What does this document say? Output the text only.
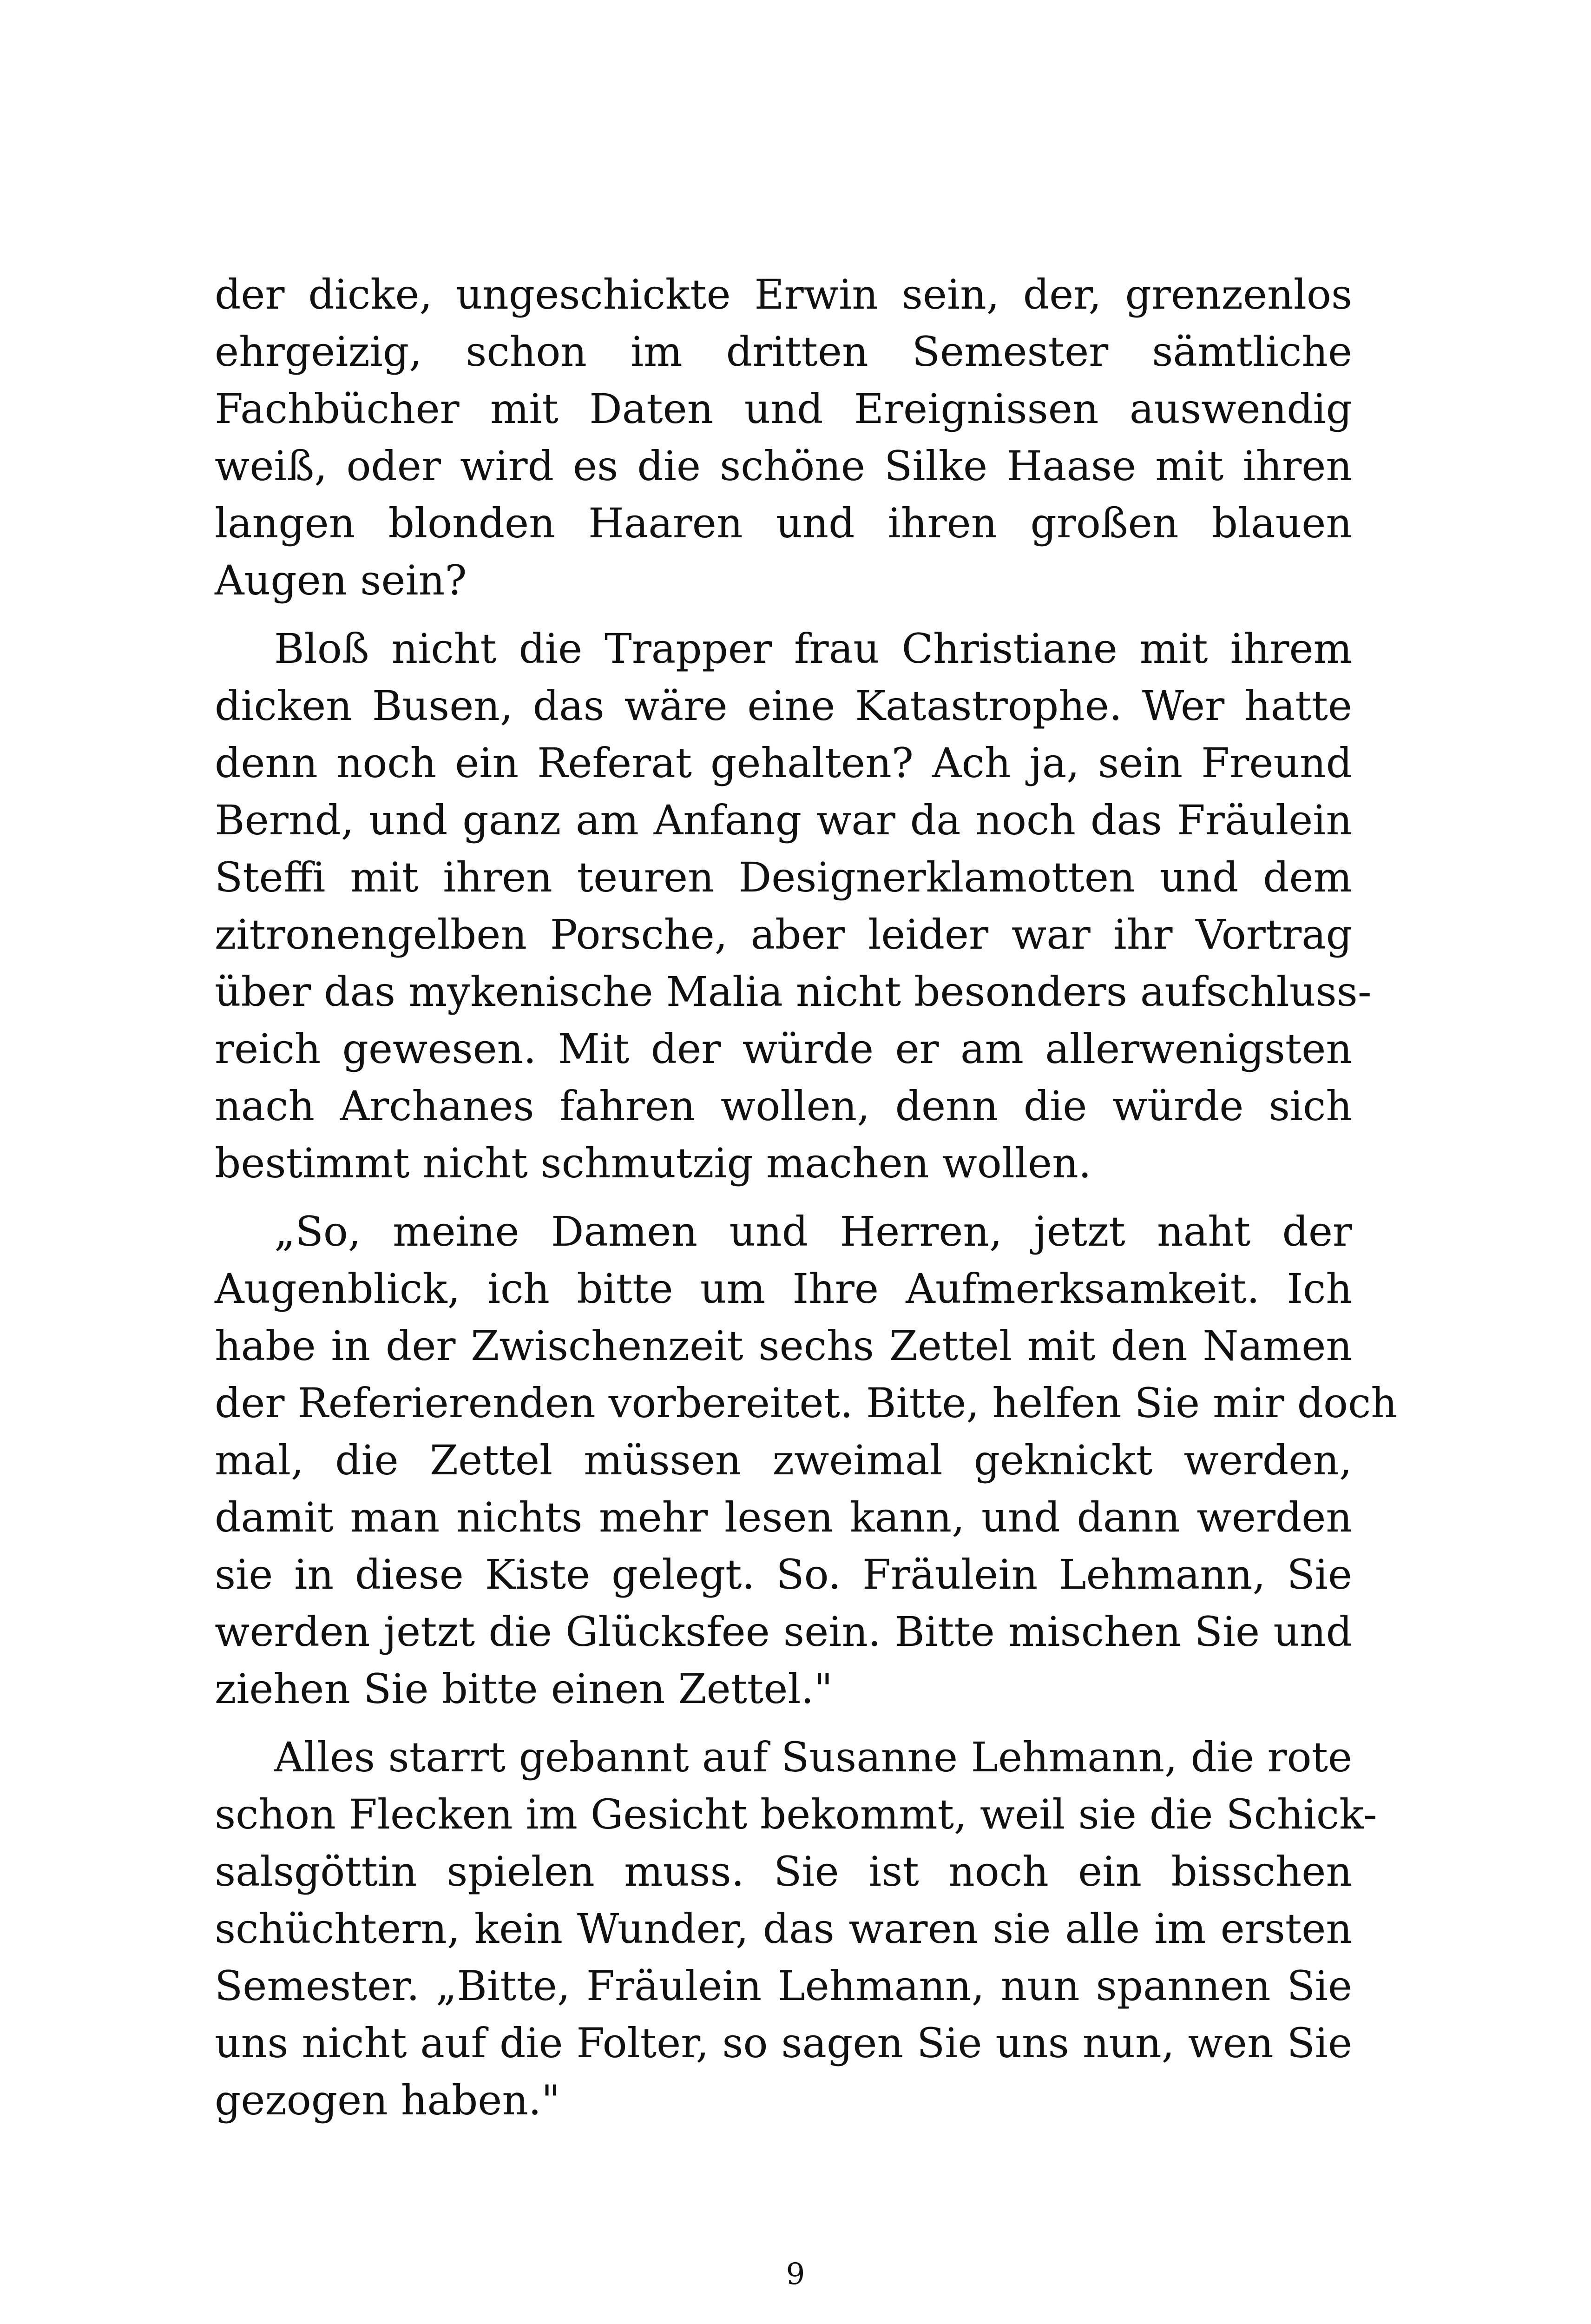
der dicke, ungeschickte Erwin sein, der, grenzenlos
ehrgeizig, schon im dritten Semester sämtliche
Fachbücher mit Daten und Ereignissen auswendig
weiß, oder wird es die schöne Silke Haase mit ihren
langen blonden Haaren und ihren großen blauen
Augen sein?

Bloß nicht die Trapper frau Christiane mit ihrem
dicken Busen, das wäre eine Katastrophe. Wer hatte
denn noch ein Referat gehalten? Ach ja, sein Freund
Bernd, und ganz am Anfang war da noch das Fräulein
Steffi mit ihren teuren Designerklamotten und dem
zitronengelben Porsche, aber leider war ihr Vortrag
über das mykenische Malia nicht besonders aufschluss-
reich gewesen. Mit der würde er am allerwenigsten
nach Archanes fahren wollen, denn die würde sich
bestimmt nicht schmutzig machen wollen.

„So, meine Damen und Herren, jetzt naht der
Augenblick, ich bitte um Ihre Aufmerksamkeit. Ich
habe in der Zwischenzeit sechs Zettel mit den Namen
der Referierenden vorbereitet. Bitte, helfen Sie mir doch
mal, die Zettel müssen zweimal geknickt werden,
damit man nichts mehr lesen kann, und dann werden
sie in diese Kiste gelegt. So. Fräulein Lehmann, Sie
werden jetzt die Glücksfee sein. Bitte mischen Sie und
ziehen Sie bitte einen Zettel."

Alles starrt gebannt auf Susanne Lehmann, die rote
schon Flecken im Gesicht bekommt, weil sie die Schick-
salsgöttin spielen muss. Sie ist noch ein bisschen
schüchtern, kein Wunder, das waren sie alle im ersten
Semester. „Bitte, Fräulein Lehmann, nun spannen Sie
uns nicht auf die Folter, so sagen Sie uns nun, wen Sie
gezogen haben."

9
